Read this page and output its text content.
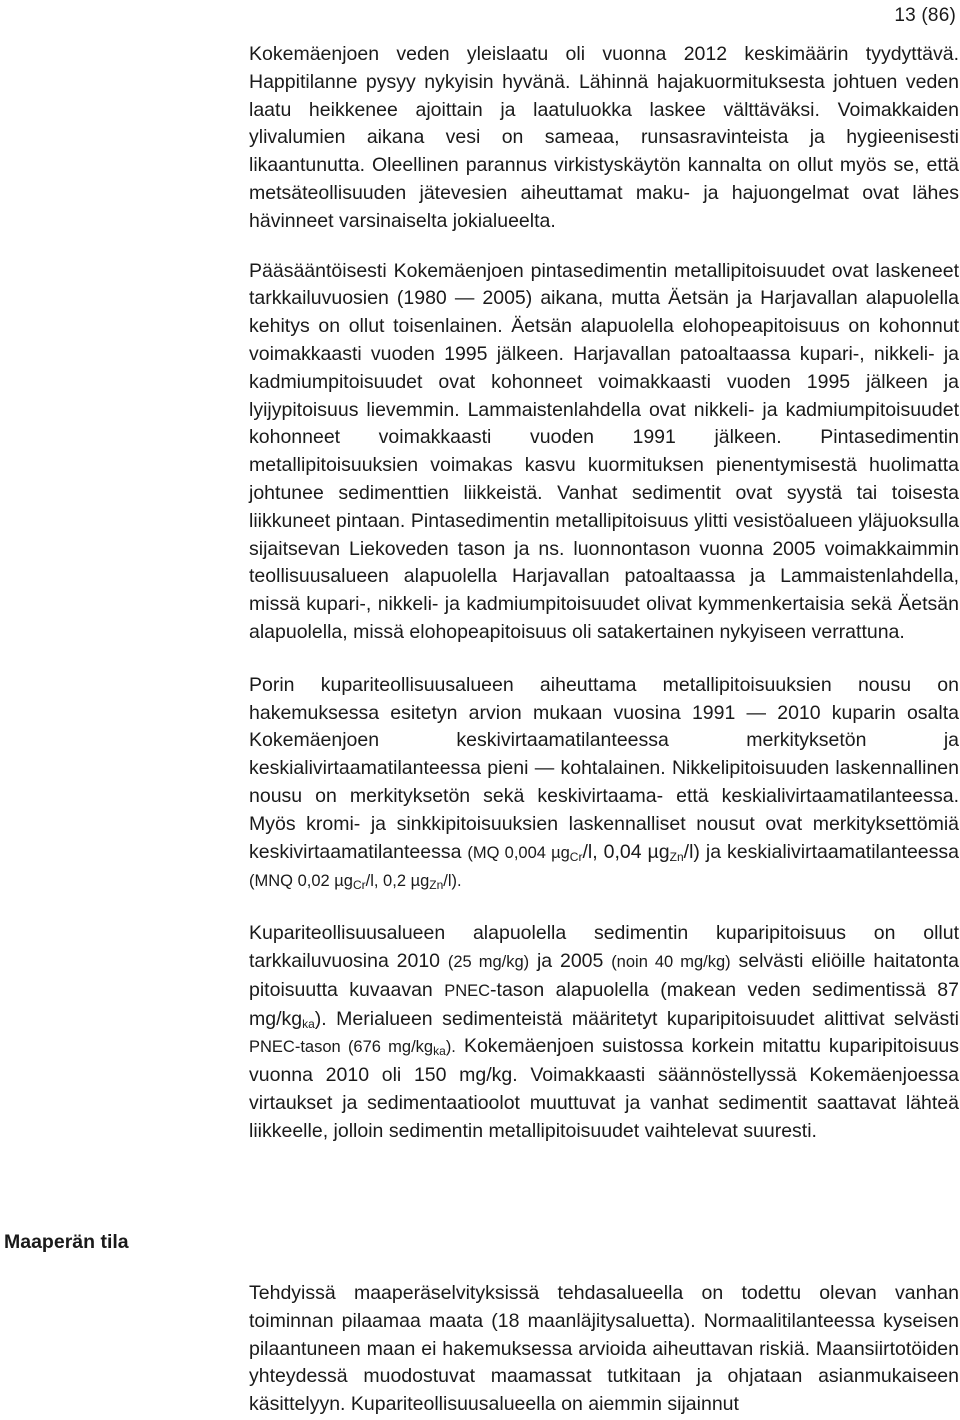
13 (86)

Kokemäenjoen veden yleislaatu oli vuonna 2012 keskimäärin tyydyttävä. Happitilanne pysyy nykyisin hyvänä. Lähinnä hajakuormituksesta johtuen veden laatu heikkenee ajoittain ja laatuluokka laskee välttäväksi. Voimakkaiden ylivalumien aikana vesi on sameaa, runsasravinteista ja hygieenisesti likaantunutta. Oleellinen parannus virkistyskäytön kannalta on ollut myös se, että metsäteollisuuden jätevesien aiheuttamat maku- ja hajuongelmat ovat lähes hävinneet varsinaiselta jokialueelta.

Pääsääntöisesti Kokemäenjoen pintasedimentin metallipitoisuudet ovat laskeneet tarkkailuvuosien (1980 — 2005) aikana, mutta Äetsän ja Harjavallan alapuolella kehitys on ollut toisenlainen. Äetsän alapuolella elohopeapitoisuus on kohonnut voimakkaasti vuoden 1995 jälkeen. Harjavallan patoaltaassa kupari-, nikkeli- ja kadmiumpitoisuudet ovat kohonneet voimakkaasti vuoden 1995 jälkeen ja lyijypitoisuus lievemmin. Lammaistenlahdella ovat nikkeli- ja kadmiumpitoisuudet kohonneet voimakkaasti vuoden 1991 jälkeen. Pintasedimentin metallipitoisuuksien voimakas kasvu kuormituksen pienentymisestä huolimatta johtunee sedimenttien liikkeistä. Vanhat sedimentit ovat syystä tai toisesta liikkuneet pintaan. Pintasedimentin metallipitoisuus ylitti vesistöalueen yläjuoksulla sijaitsevan Liekoveden tason ja ns. luonnontason vuonna 2005 voimakkaimmin teollisuusalueen alapuolella Harjavallan patoaltaassa ja Lammaistenlahdella, missä kupari-, nikkeli- ja kadmiumpitoisuudet olivat kymmenkertaisia sekä Äetsän alapuolella, missä elohopeapitoisuus oli satakertainen nykyiseen verrattuna.

Porin kupariteollisuusalueen aiheuttama metallipitoisuuksien nousu on hakemuksessa esitetyn arvion mukaan vuosina 1991 — 2010 kuparin osalta Kokemäenjoen keskivirtaamatilanteessa merkityksetön ja keskialivirtaamatilanteessa pieni — kohtalainen. Nikkelipitoisuuden laskennallinen nousu on merkityksetön sekä keskivirtaama- että keskialivirtaamatilanteessa. Myös kromi- ja sinkkipitoisuuksien laskennalliset nousut ovat merkityksettömiä keskivirtaamatilanteessa (MQ 0,004 µg$_{Cr}$/l, 0,04 µg$_{Zn}$/l) ja keskialivirtaamatilanteessa (MNQ 0,02 µg$_{Cr}$/l, 0,2 µg$_{Zn}$/l).

Kupariteollisuusalueen alapuolella sedimentin kuparipitoisuus on ollut tarkkailuvuosina 2010 (25 mg/kg) ja 2005 (noin 40 mg/kg) selvästi eliöille haitatonta pitoisuutta kuvaavan PNEC-tason alapuolella (makean veden sedimentissä 87 $mg/kg_{ka}$). Merialueen sedimenteistä määritetyt kuparipitoisuudet alittivat selvästi PNEC-tason (676 $mg/kg_{ka}$). Kokemäenjoen suistossa korkein mitattu kuparipitoisuus vuonna 2010 oli 150 mg/kg. Voimakkaasti säännöstellyssä Kokemäenjoessa virtaukset ja sedimentaatioolot muuttuvat ja vanhat sedimentit saattavat lähteä liikkeelle, jolloin sedimentin metallipitoisuudet vaihtelevat suuresti.

Maaperän tila

Tehdyissä maaperäselvityksissä tehdasalueella on todettu olevan vanhan toiminnan pilaamaa maata (18 maanläjitysaluetta). Normaalitilanteessa kyseisen pilaantuneen maan ei hakemuksessa arvioida aiheuttavan riskiä. Maansiirtotöiden yhteydessä muodostuvat maamassat tutkitaan ja ohjataan asianmukaiseen käsittelyyn. Kupariteollisuusalueella on aiemmin sijainnut
